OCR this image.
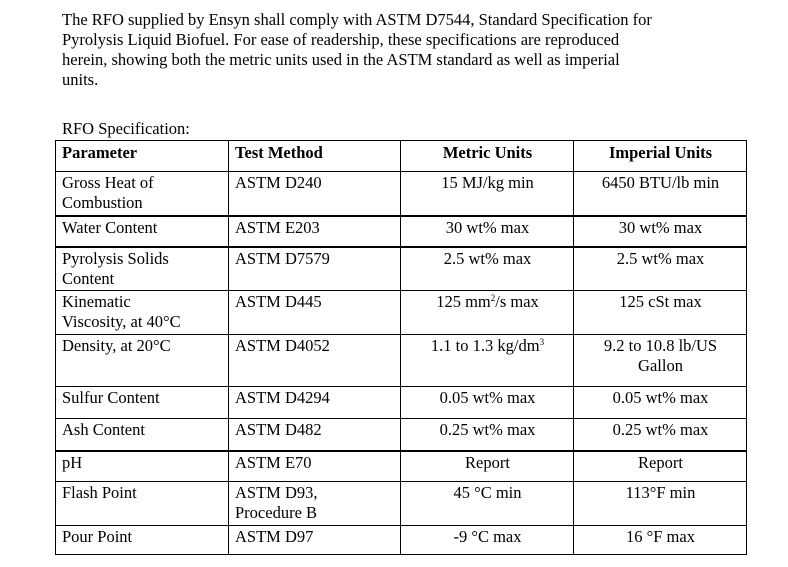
The RFO supplied by Ensyn shall comply with ASTM D7544, Standard Specification for
Pyrolysis Liquid Biofuel. For ease of readership, these specifications are reproduced
herein, showing both the metric units used in the ASTM standard as well as imperial
units.
RFO Specification:
Parameter	Test Method	Metric Units	Imperial Units

Gross Heat of
Combustion	ASTM D240	15 MJ/kg min	6450 BTU/lb min
Water Content	ASTM E203	30 wt% max	30 wt% max

Pyrolysis Solids
Content	ASTM D7579	2.5 wt% max	2.5 wt% max

Kinematic
Viscosity, at 40°C	ASTM D445	125 $mm^2/s$ max	125 cSt max
Density, at 20°C	ASTM D4052	1.1 to 1.3 $kg/dm^3$	9.2 to 10.8 lb/US
Gallon

Sulfur Content	ASTM D4294	0.05 wt% max	0.05 wt% max
Ash Content	ASTM D482	0.25 wt% max	0.25 wt% max
pH	ASTM E70	Report	Report
Flash Point	ASTM D93,
Procedure B	45 °C min	113°F min
Pour Point	ASTM D97	-9 °C max	16 °F max
